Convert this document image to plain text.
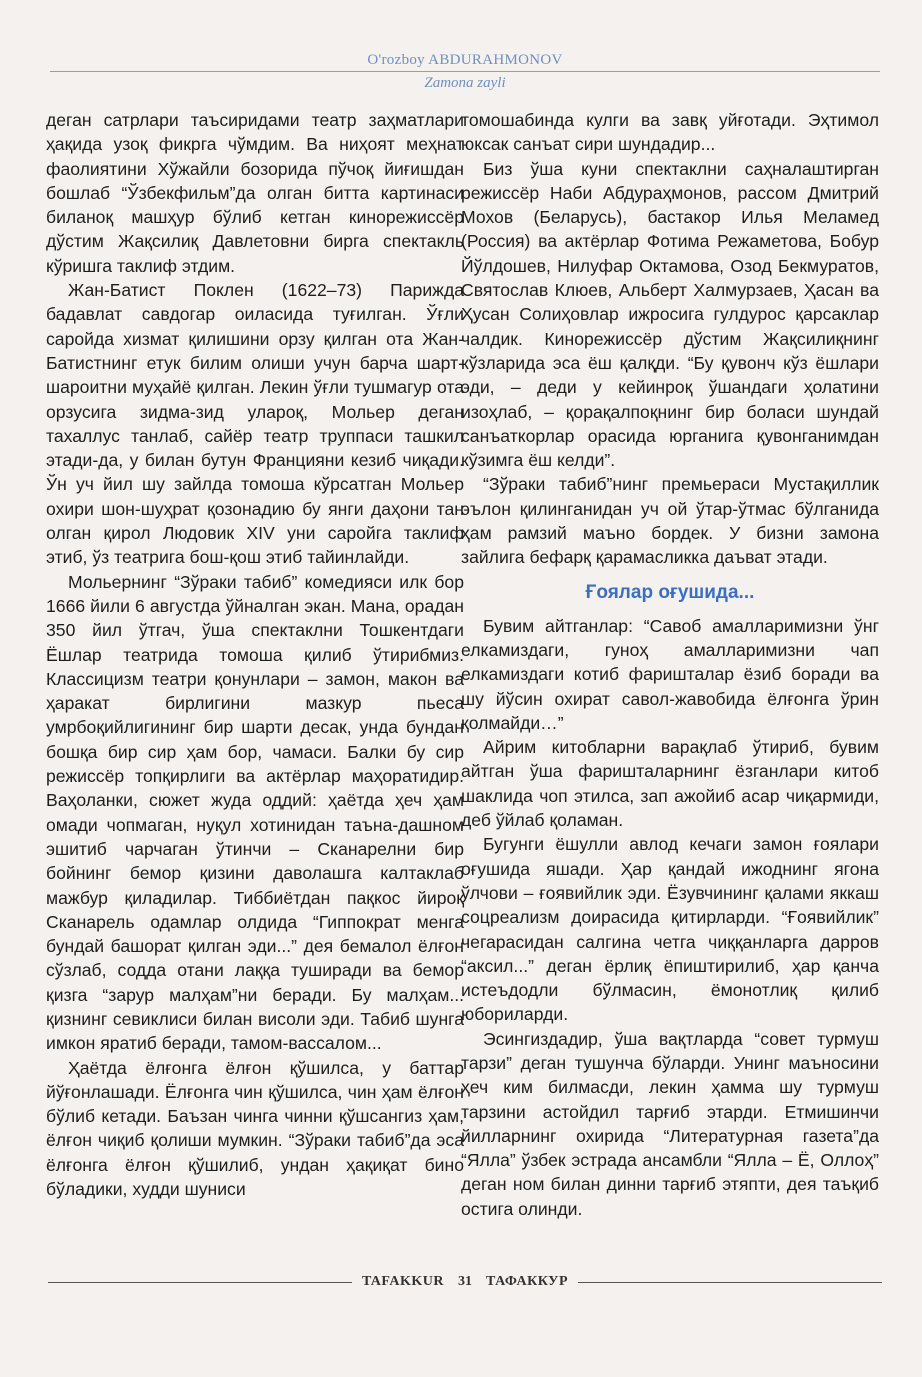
O'rozboy ABDURAHMONOV
Zamona zayli

деган сатрлари таъсиридами театр заҳматлари ҳақида узоқ фикрга чўмдим. Ва ниҳоят меҳнат фаолиятини Хўжайли бозорида пўчоқ йиғишдан бошлаб “Ўзбекфильм”да олган битта картинаси биланоқ машҳур бўлиб кетган кинорежиссёр дўстим Жақсилиқ Давлетовни бирга спектакль кўришга таклиф этдим.

Жан-Батист Поклен (1622–73) Парижда бадавлат савдогар оиласида туғилган. Ўғли саройда хизмат қилишини орзу қилган ота Жан-Батистнинг етук билим олиши учун барча шарт-шароитни муҳайё қилган. Лекин ўғли тушмагур ота орзусига зидма-зид улароқ, Мольер деган тахаллус танлаб, сайёр театр труппаси ташкил этади-да, у билан бутун Францияни кезиб чиқади. Ўн уч йил шу зайлда томоша кўрсатган Мольер охири шон-шуҳрат қозонадию бу янги даҳони тан олган қирол Людовик XIV уни саройга таклиф этиб, ўз театрига бош-қош этиб тайинлайди.

Мольернинг “Зўраки табиб” комедияси илк бор 1666 йили 6 августда ўйналган экан. Мана, орадан 350 йил ўтгач, ўша спектаклни Тошкентдаги Ёшлар театрида томоша қилиб ўтирибмиз. Классицизм театри қонунлари – замон, макон ва ҳаракат бирлигини мазкур пьеса умрбоқийлигининг бир шарти десак, унда бундан бошқа бир сир ҳам бор, чамаси. Балки бу сир режиссёр топқирлиги ва актёрлар маҳоратидир. Ваҳоланки, сюжет жуда оддий: ҳаётда ҳеч ҳам омади чопмаган, нуқул хотинидан таъна-дашном эшитиб чарчаган ўтинчи – Сканарелни бир бойнинг бемор қизини даволашга калтаклаб мажбур қиладилар. Тиббиётдан пақкос йироқ Сканарель одамлар олдида “Гиппократ менга бундай башорат қилган эди...” дея бемалол ёлғон сўзлаб, содда отани лаққа туширади ва бемор қизга “зарур малҳам”ни беради. Бу малҳам... қизнинг севиклиси билан висоли эди. Табиб шунга имкон яратиб беради, тамом-вассалом...

Ҳаётда ёлғонга ёлғон қўшилса, у баттар йўғонлашади. Ёлғонга чин қўшилса, чин ҳам ёлғон бўлиб кетади. Баъзан чинга чинни қўшсангиз ҳам, ёлғон чиқиб қолиши мумкин. “Зўраки табиб”да эса ёлғонга ёлғон қўшилиб, ундан ҳақиқат бино бўладики, худди шуниси

томошабинда кулги ва завқ уйғотади. Эҳтимол юксак санъат сири шундадир...

Биз ўша куни спектаклни саҳналаштирган режиссёр Наби Абдураҳмонов, рассом Дмитрий Мохов (Беларусь), бастакор Илья Меламед (Россия) ва актёрлар Фотима Режаметова, Бобур Йўлдошев, Нилуфар Октамова, Озод Бекмуратов, Святослав Клюев, Альберт Халмурзаев, Ҳасан ва Ҳусан Солиҳовлар ижросига гулдурос қарсаклар чалдик. Кинорежиссёр дўстим Жақсилиқнинг кўзларида эса ёш қалқди. “Бу қувонч кўз ёшлари эди, – деди у кейинроқ ўшандаги ҳолатини изоҳлаб, – қорақалпоқнинг бир боласи шундай санъаткорлар орасида юрганига қувонганимдан кўзимга ёш келди”.

“Зўраки табиб”нинг премьераси Мустақиллик эълон қилинганидан уч ой ўтар-ўтмас бўлганида ҳам рамзий маъно бордек. У бизни замона зайлига бефарқ қарамасликка даъват этади.

Ғоялар оғушида...

Бувим айтганлар: “Савоб амалларимизни ўнг елкамиздаги, гуноҳ амалларимизни чап елкамиздаги котиб фаришталар ёзиб боради ва шу йўсин охират савол-жавобида ёлғонга ўрин қолмайди…”

Айрим китобларни варақлаб ўтириб, бувим айтган ўша фаришталарнинг ёзганлари китоб шаклида чоп этилса, зап ажойиб асар чиқармиди, деб ўйлаб қоламан.

Бугунги ёшулли авлод кечаги замон ғоялари оғушида яшади. Ҳар қандай ижоднинг ягона ўлчови – ғоявийлик эди. Ёзувчининг қалами яккаш соцреализм доирасида қитирларди. “Ғоявийлик” чегарасидан салгина четга чиққанларга дарров “аксил...” деган ёрлиқ ёпиштирилиб, ҳар қанча истеъдодли бўлмасин, ёмонотлиқ қилиб юбориларди.

Эсингиздадир, ўша вақтларда “совет турмуш тарзи” деган тушунча бўларди. Унинг маъносини ҳеч ким билмасди, лекин ҳамма шу турмуш тарзини астойдил тарғиб этарди. Етмишинчи йилларнинг охирида “Литературная газета”да “Ялла” ўзбек эстрада ансамбли “Ялла – Ё, Оллоҳ” деган ном билан динни тарғиб этяпти, дея таъқиб остига олинди.

TAFAKKUR	31	ТАФАККУР
